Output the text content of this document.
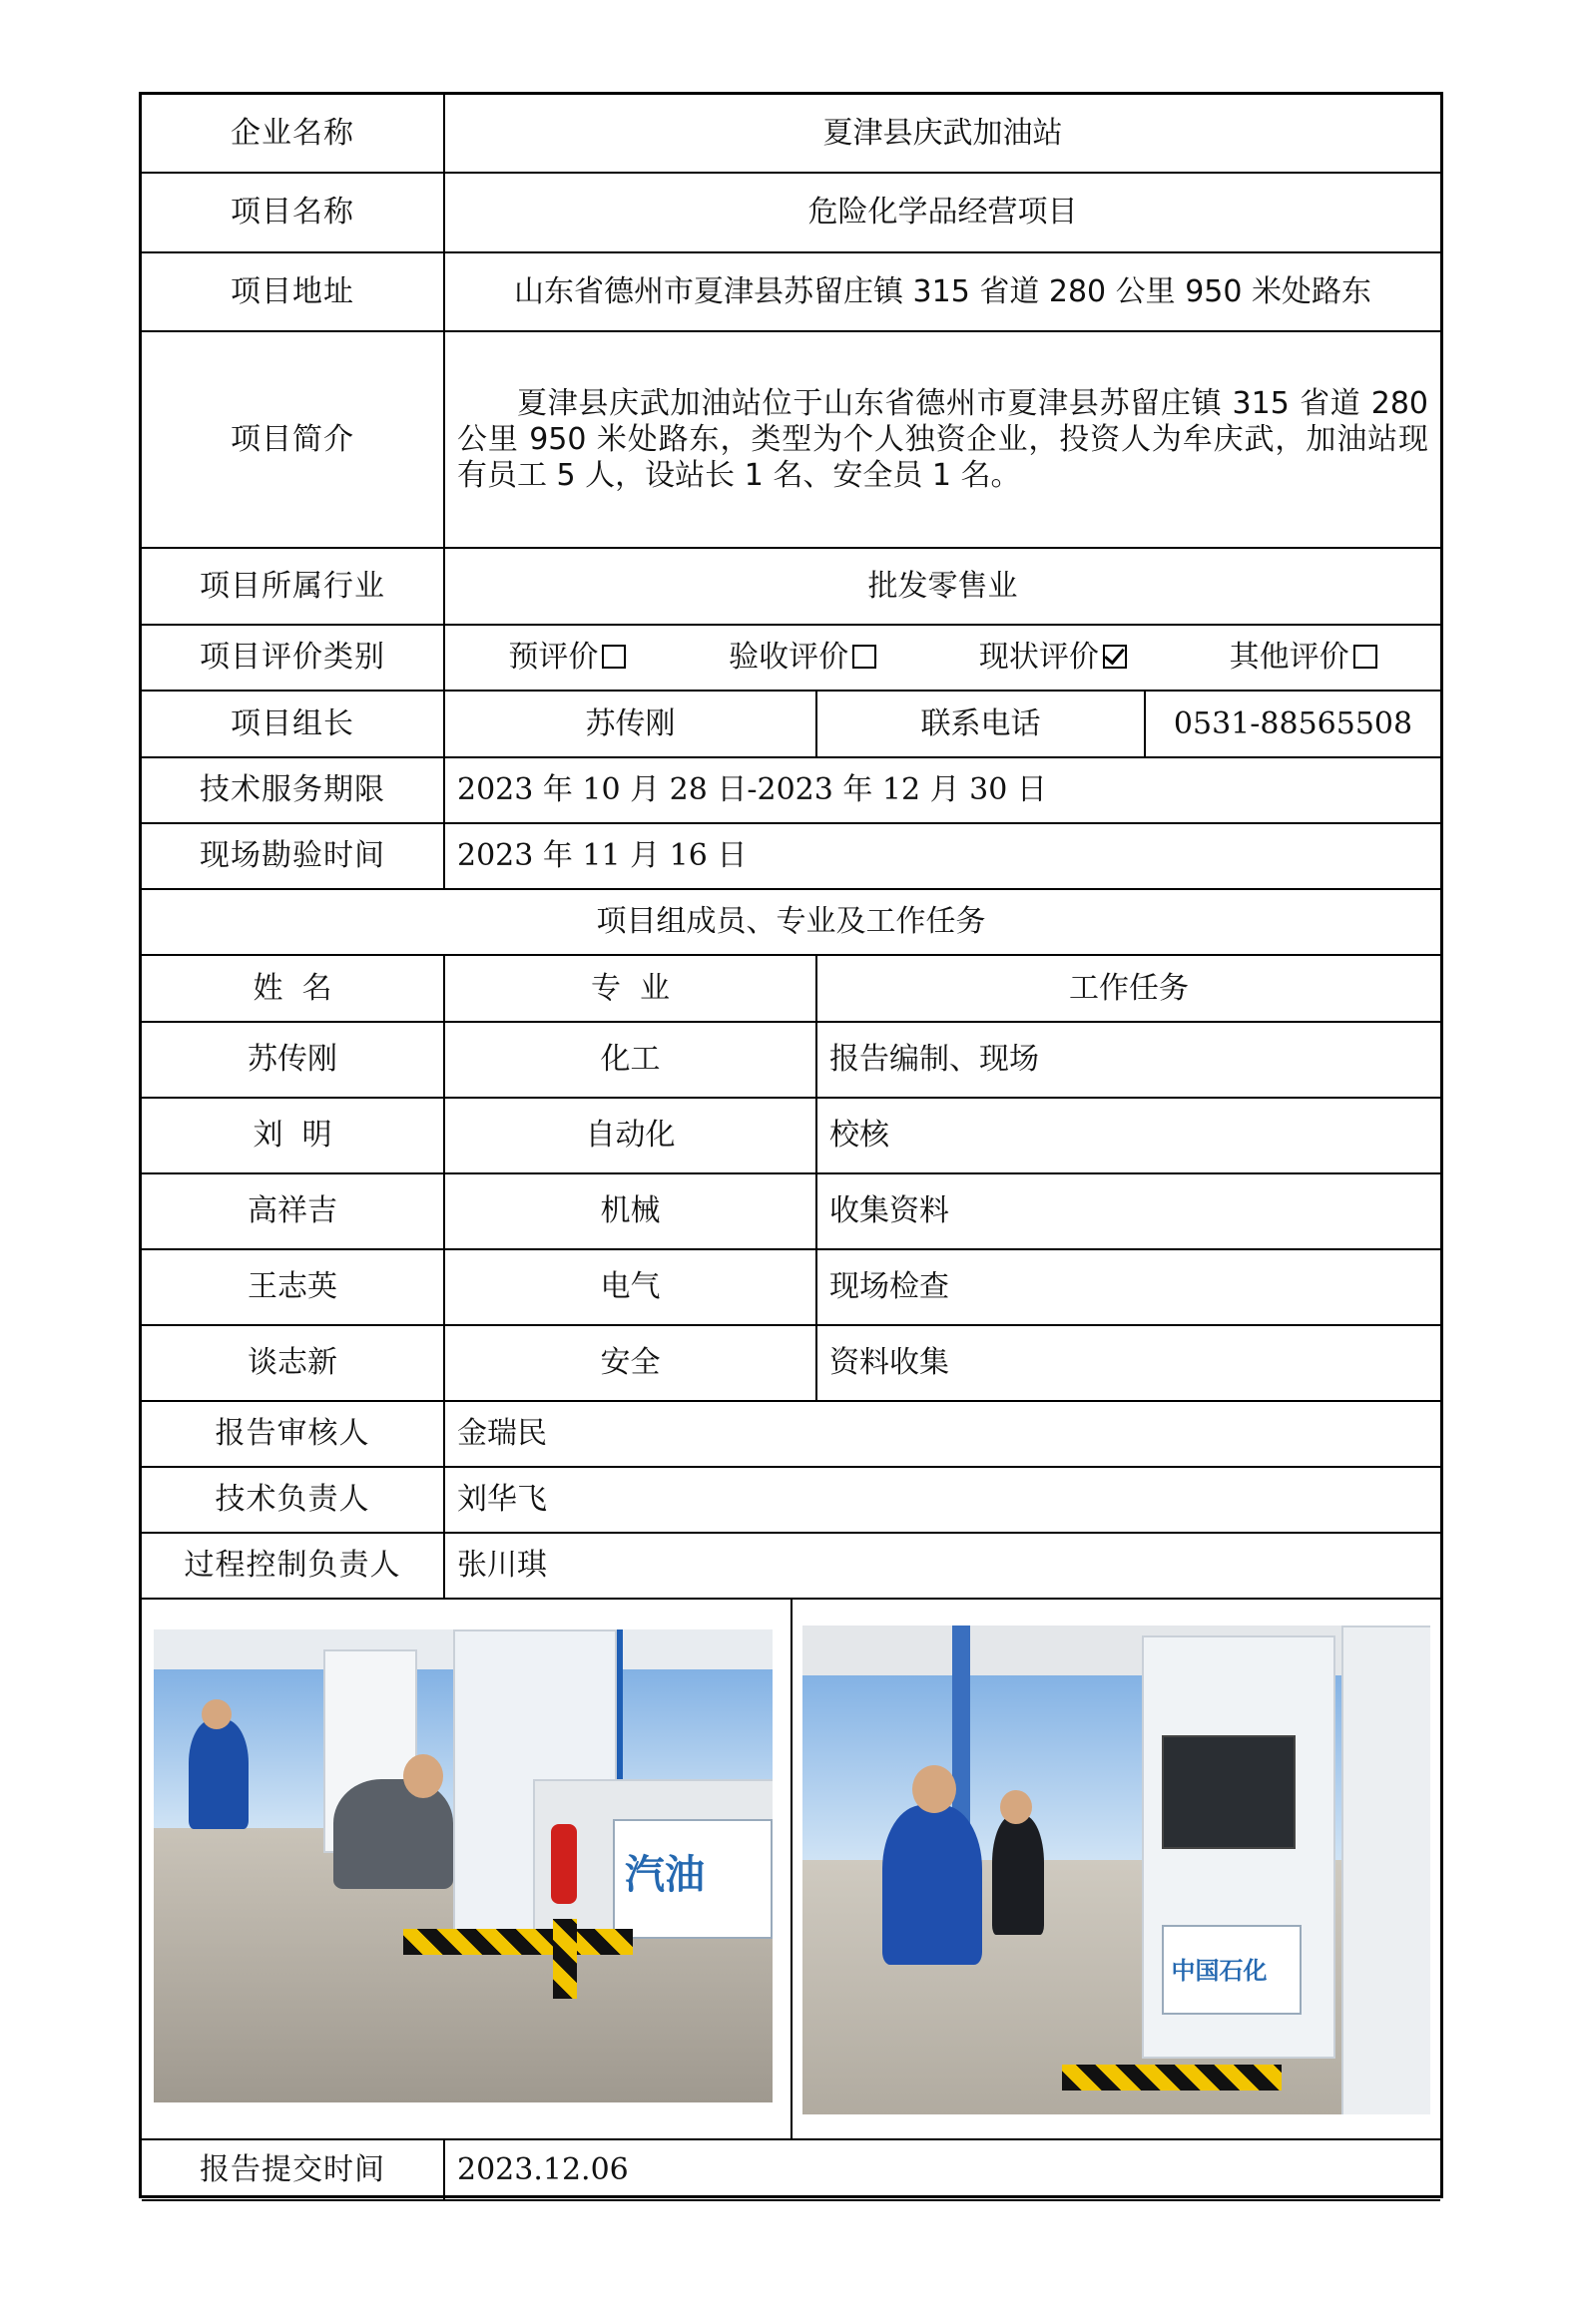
企业名称	夏津县庆武加油站		
项目名称	危险化学品经营项目		
项目地址	山东省德州市夏津县苏留庄镇 315 省道 280 公里 950 米处路东		
项目简介	夏津县庆武加油站位于山东省德州市夏津县苏留庄镇 315 省道 280 公里 950 米处路东，类型为个人独资企业，投资人为牟庆武，加油站现有员工 5 人，设站长 1 名、安全员 1 名。		
项目所属行业	批发零售业		
项目评价类别	预评价 验收评价 现状评价 其他评价		

项目组长	苏传刚	联系电话	0531-88565508
技术服务期限	2023 年 10 月 28 日-2023 年 12 月 30 日		
现场勘验时间	2023 年 11 月 16 日		
项目组成员、专业及工作任务			
姓  名	专  业	工作任务	
苏传刚	化工	报告编制、现场	
刘  明	自动化	校核	
高祥吉	机械	收集资料	
王志英	电气	现场检查	
谈志新	安全	资料收集	
报告审核人	金瑞民		
技术负责人	刘华飞		
过程控制负责人	张川琪		

汽油
中国石化			

报告提交时间	2023.12.06		
